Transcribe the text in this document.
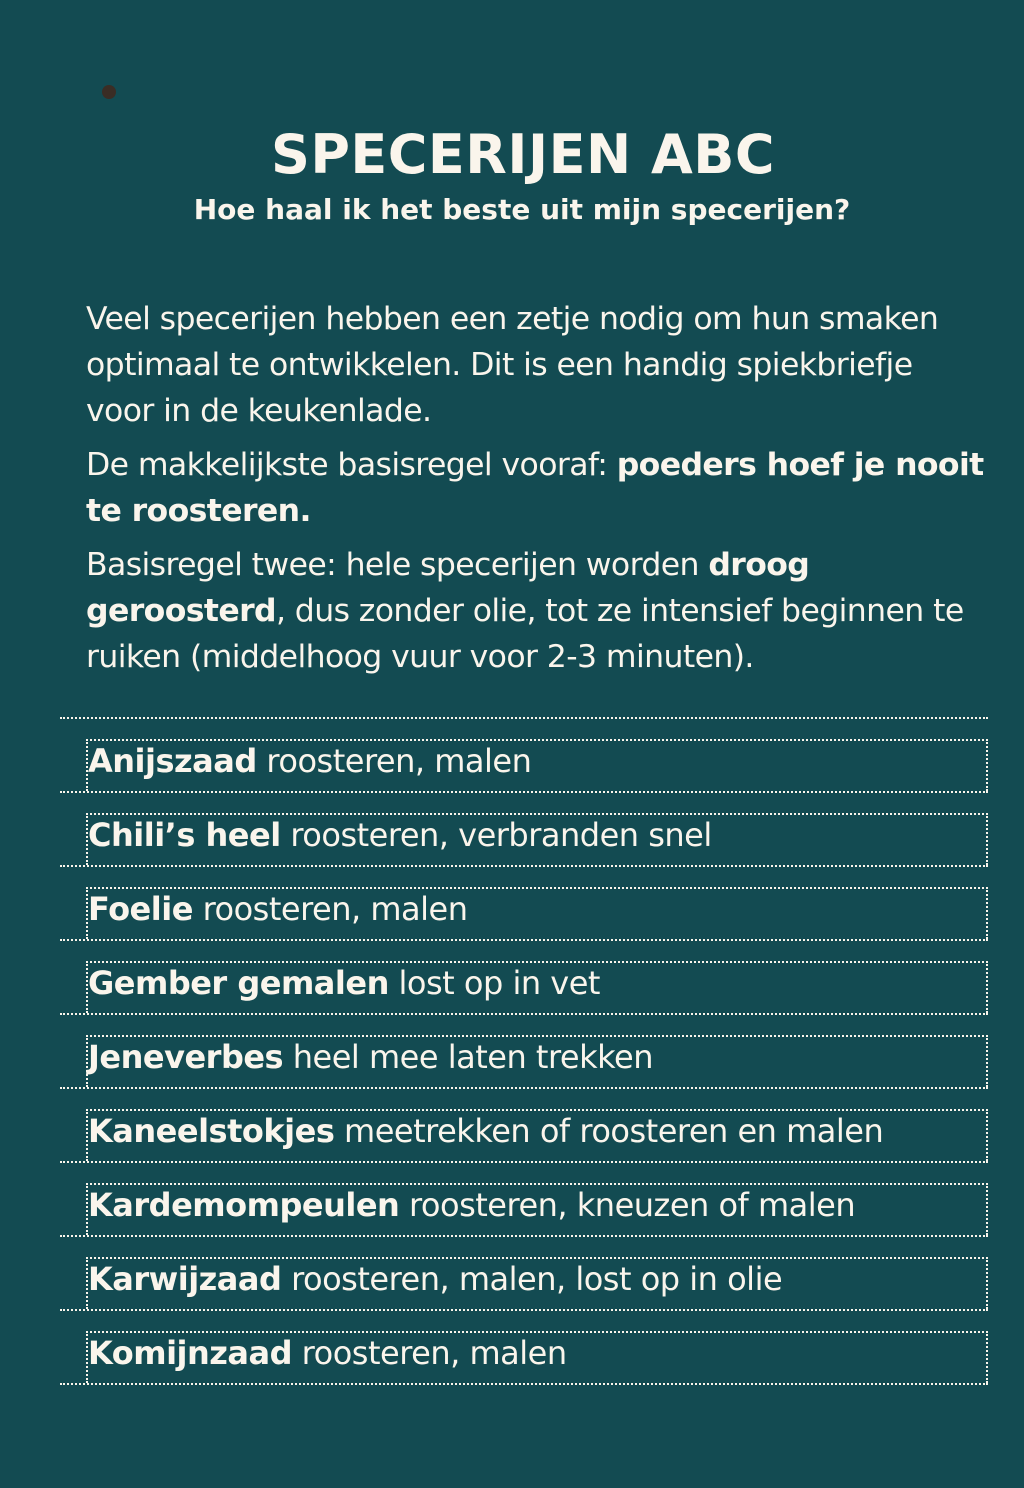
SPECERIJEN ABC
Hoe haal ik het beste uit mijn specerijen?

Veel specerijen hebben een zetje nodig om hun smaken optimaal te ontwikkelen. Dit is een handig spiekbriefje voor in de keukenlade.

De makkelijkste basisregel vooraf: poeders hoef je nooit te roosteren.

Basisregel twee: hele specerijen worden droog geroosterd, dus zonder olie, tot ze intensief beginnen te ruiken (middelhoog vuur voor 2-3 minuten).

Anijszaad roosteren, malen
Chili’s heel roosteren, verbranden snel
Foelie roosteren, malen
Gember gemalen lost op in vet
Jeneverbes heel mee laten trekken
Kaneelstokjes meetrekken of roosteren en malen
Kardemompeulen roosteren, kneuzen of malen
Karwijzaad roosteren, malen, lost op in olie
Komijnzaad roosteren, malen
